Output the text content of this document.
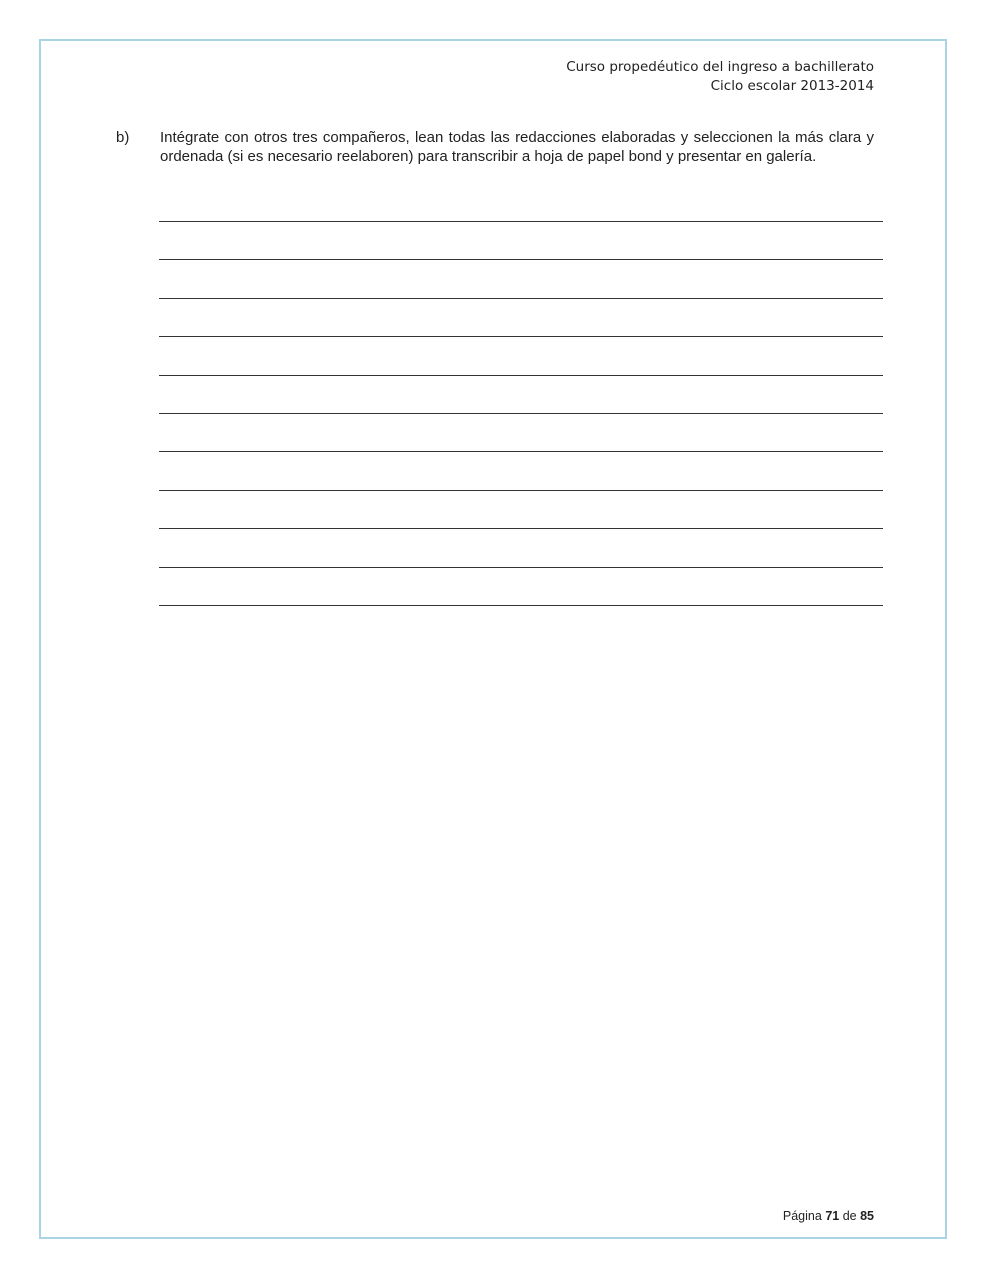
Curso propedéutico del ingreso a bachillerato
Ciclo escolar 2013-2014
b) Intégrate con otros tres compañeros, lean todas las redacciones elaboradas y seleccionen la más clara y ordenada (si es necesario reelaboren) para transcribir a hoja de papel bond y presentar en galería.
Página 71 de 85
